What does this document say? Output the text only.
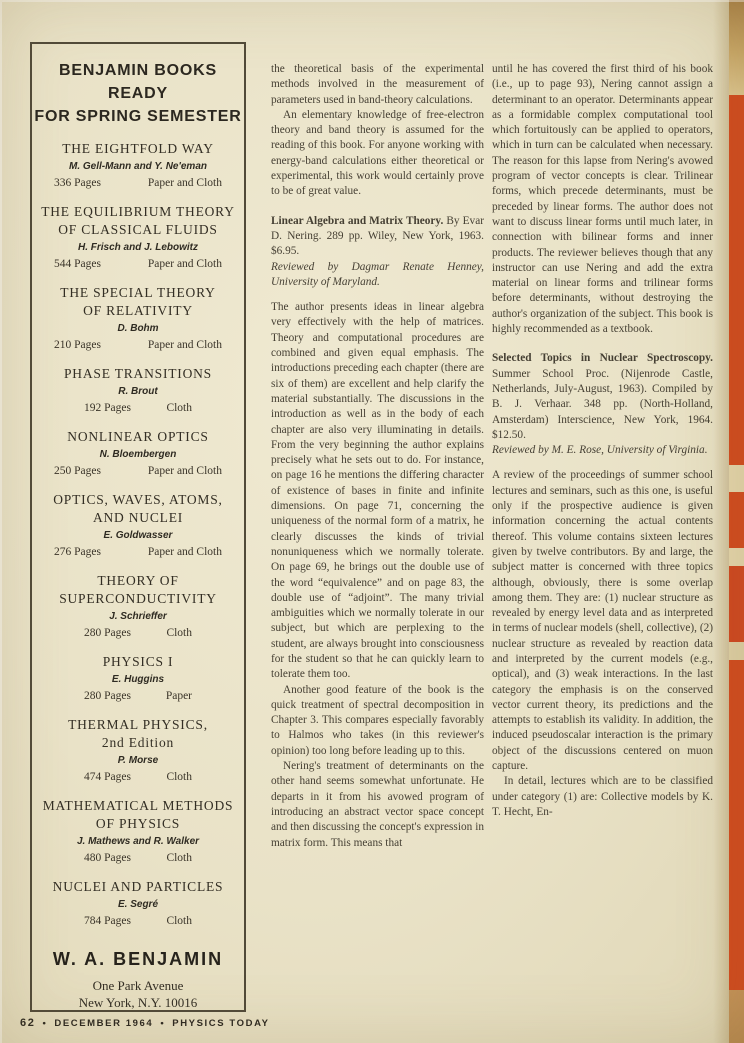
BENJAMIN BOOKS READY
FOR SPRING SEMESTER
THE EIGHTFOLD WAY
M. Gell-Mann and Y. Ne'eman
336 Pages	Paper and Cloth
THE EQUILIBRIUM THEORY
OF CLASSICAL FLUIDS
H. Frisch and J. Lebowitz
544 Pages	Paper and Cloth
THE SPECIAL THEORY
OF RELATIVITY
D. Bohm
210 Pages	Paper and Cloth
PHASE TRANSITIONS
R. Brout
192 Pages	Cloth
NONLINEAR OPTICS
N. Bloembergen
250 Pages	Paper and Cloth
OPTICS, WAVES, ATOMS,
AND NUCLEI
E. Goldwasser
276 Pages	Paper and Cloth
THEORY OF
SUPERCONDUCTIVITY
J. Schrieffer
280 Pages	Cloth
PHYSICS I
E. Huggins
280 Pages	Paper
THERMAL PHYSICS,
2nd Edition
P. Morse
474 Pages	Cloth
MATHEMATICAL METHODS
OF PHYSICS
J. Mathews and R. Walker
480 Pages	Cloth
NUCLEI AND PARTICLES
E. Segré
784 Pages	Cloth
W. A. BENJAMIN
One Park Avenue
New York, N.Y. 10016

the theoretical basis of the experimental methods involved in the measurement of parameters used in band-theory calculations.

An elementary knowledge of free-electron theory and band theory is assumed for the reading of this book. For anyone working with energy-band calculations either theoretical or experimental, this work would certainly prove to be of great value.

Linear Algebra and Matrix Theory. By Evar D. Nering. 289 pp. Wiley, New York, 1963. $6.95.
Reviewed by Dagmar Renate Henney, University of Maryland.

The author presents ideas in linear algebra very effectively with the help of matrices. Theory and computational procedures are combined and given equal emphasis. The introductions preceding each chapter (there are six of them) are excellent and help clarify the material substantially. The discussions in the introduction as well as in the body of each chapter are also very illuminating in details. From the very beginning the author explains precisely what he sets out to do. For instance, on page 16 he mentions the differing character of existence of bases in finite and infinite dimensions. On page 71, concerning the uniqueness of the normal form of a matrix, he clearly discusses the kinds of trivial nonuniqueness which we normally tolerate. On page 69, he brings out the double use of the word “equivalence” and on page 83, the double use of “adjoint”. The many trivial ambiguities which we normally tolerate in our subject, but which are perplexing to the student, are always brought into consciousness for the student so that he can quickly learn to tolerate them too.

Another good feature of the book is the quick treatment of spectral decomposition in Chapter 3. This compares especially favorably to Halmos who takes (in this reviewer's opinion) too long before leading up to this.

Nering's treatment of determinants on the other hand seems somewhat unfortunate. He departs in it from his avowed program of introducing an abstract vector space concept and then discussing the concept's expression in matrix form. This means that

until he has covered the first third of his book (i.e., up to page 93), Nering cannot assign a determinant to an operator. Determinants appear as a formidable complex computational tool which fortuitously can be applied to operators, which in turn can be calculated when necessary. The reason for this lapse from Nering's avowed program of vector concepts is clear. Trilinear forms, which precede determinants, must be preceded by linear forms. The author does not want to discuss linear forms until much later, in connection with bilinear forms and inner products. The reviewer believes though that any instructor can use Nering and add the extra material on linear forms and trilinear forms before determinants, without destroying the author's organization of the subject. This book is highly recommended as a textbook.

Selected Topics in Nuclear Spectroscopy. Summer School Proc. (Nijenrode Castle, Netherlands, July-August, 1963). Compiled by B. J. Verhaar. 348 pp. (North-Holland, Amsterdam) Interscience, New York, 1964. $12.50.
Reviewed by M. E. Rose, University of Virginia.

A review of the proceedings of summer school lectures and seminars, such as this one, is useful only if the prospective audience is given information concerning the actual contents thereof. This volume contains sixteen lectures given by twelve contributors. By and large, the subject matter is concerned with three topics although, obviously, there is some overlap among them. They are: (1) nuclear structure as revealed by energy level data and as interpreted in terms of nuclear models (shell, collective), (2) nuclear structure as revealed by reaction data and interpreted by the current models (e.g., optical), and (3) weak interactions. In the last category the emphasis is on the conserved vector current theory, its predictions and the attempts to establish its validity. In addition, the induced pseudoscalar interaction is the primary object of the discussions centered on muon capture.

In detail, lectures which are to be classified under category (1) are: Collective models by K. T. Hecht, En-

62 • DECEMBER 1964 • PHYSICS TODAY
